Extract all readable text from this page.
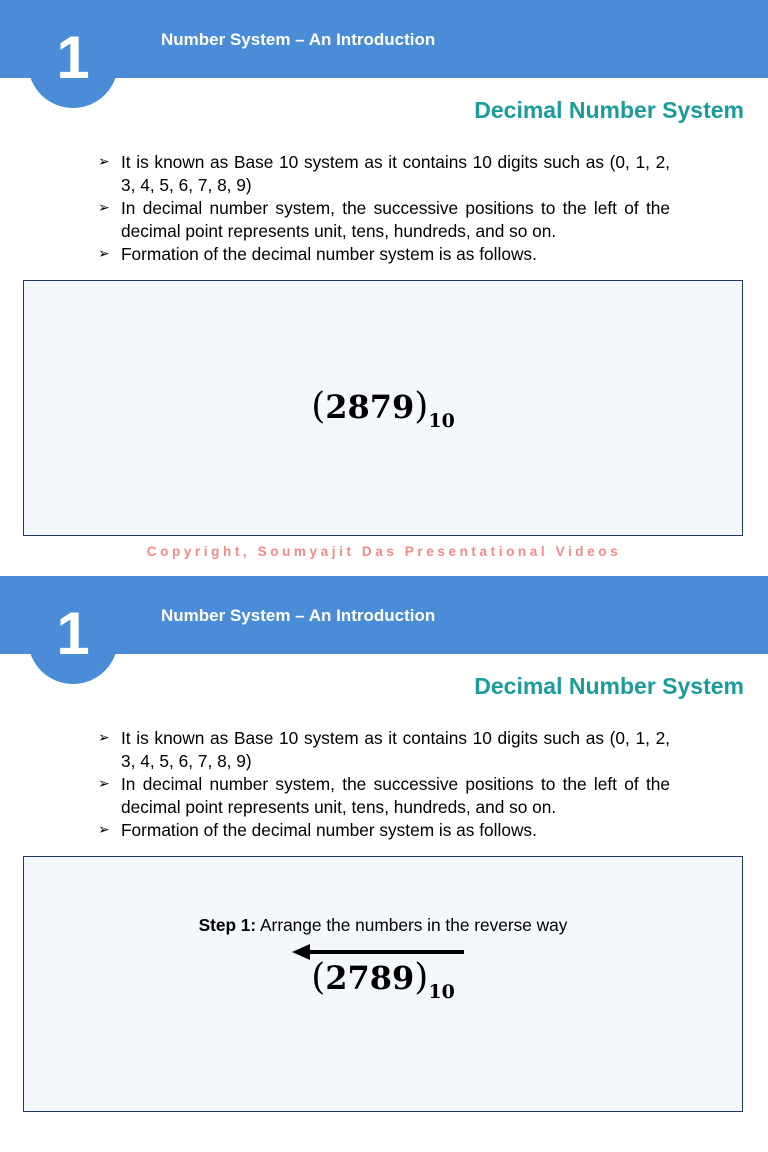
1	Number System – An Introduction
Decimal Number System
➢ It is known as Base 10 system as it contains 10 digits such as (0, 1, 2, 3, 4, 5, 6, 7, 8, 9)
➢ In decimal number system, the successive positions to the left of the decimal point represents unit, tens, hundreds, and so on.
➢ Formation of the decimal number system is as follows.
(2879)10
Copyright, Soumyajit Das Presentational Videos
1	Number System – An Introduction
Decimal Number System
➢ It is known as Base 10 system as it contains 10 digits such as (0, 1, 2, 3, 4, 5, 6, 7, 8, 9)
➢ In decimal number system, the successive positions to the left of the decimal point represents unit, tens, hundreds, and so on.
➢ Formation of the decimal number system is as follows.
Step 1: Arrange the numbers in the reverse way
(2789)10
